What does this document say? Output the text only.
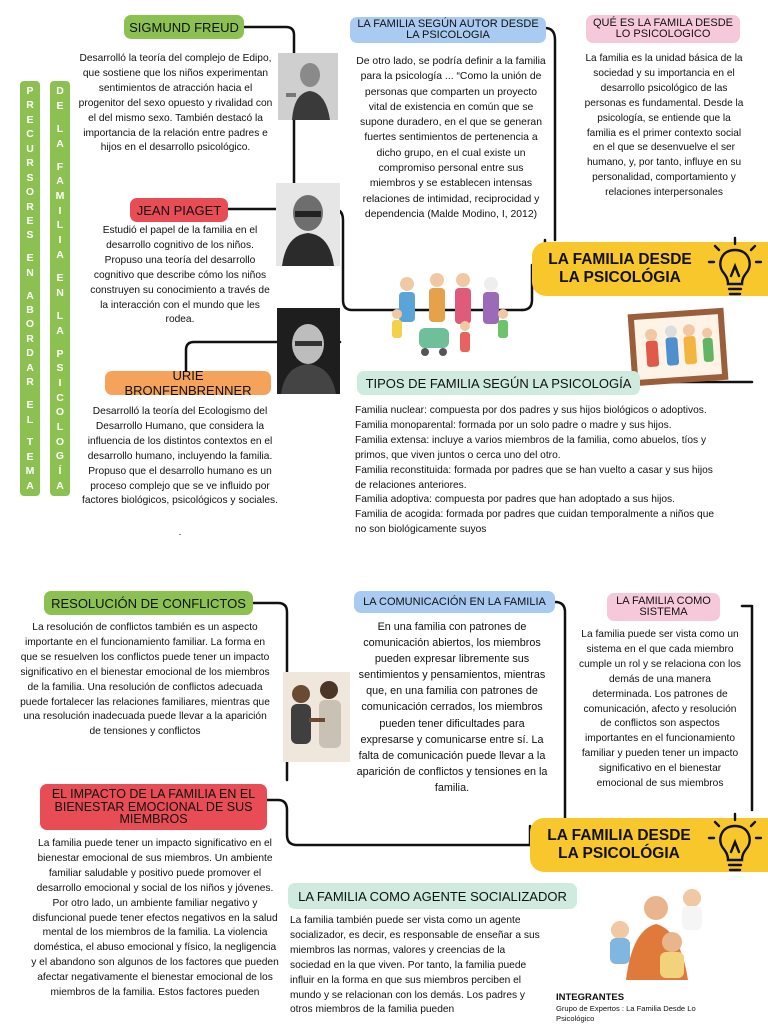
P
R
E
C
U
R
S
O
R
E
S
E
N
A
B
O
R
D
A
R
E
L
T
E
M
A
D
E
L
A
F
A
M
I
L
I
A
E
N
L
A
P
S
I
C
O
L
O
G
Í
A
SIGMUND FREUD
Desarrolló la teoría del complejo de Edipo, que sostiene que los niños experimentan sentimientos de atracción hacia el progenitor del sexo opuesto y rivalidad con el del mismo sexo. También destacó la importancia de la relación entre padres e hijos en el desarrollo psicológico.
JEAN PIAGET
Estudió el papel de la familia en el desarrollo cognitivo de los niños. Propuso una teoría del desarrollo cognitivo que describe cómo los niños construyen su conocimiento a través de la interacción con el mundo que les rodea.
URIE BRONFENBRENNER
Desarrolló la teoría del Ecologismo del Desarrollo Humano, que considera la influencia de los distintos contextos en el desarrollo humano, incluyendo la familia. Propuso que el desarrollo humano es un proceso complejo que se ve influido por factores biológicos, psicológicos y sociales.
.
LA FAMILIA SEGÚN AUTOR DESDE LA PSICOLOGIA
De otro lado, se podría definir a la familia para la psicología ... “Como la unión de personas que comparten un proyecto vital de existencia en común que se supone duradero, en el que se generan fuertes sentimientos de pertenencia a dicho grupo, en el cual existe un compromiso personal entre sus miembros y se establecen intensas relaciones de intimidad, reciprocidad y dependencia (Malde Modino, I, 2012)
QUÉ ES LA FAMILA DESDE LO PSICOLOGICO
La familia es la unidad básica de la sociedad y su importancia en el desarrollo psicológico de las personas es fundamental. Desde la psicología, se entiende que la familia es el primer contexto social en el que se desenvuelve el ser humano, y, por tanto, influye en su personalidad, comportamiento y relaciones interpersonales
LA FAMILIA DESDE LA PSICOLÓGIA
TIPOS DE FAMILIA SEGÚN LA PSICOLOGÍA
Familia nuclear: compuesta por dos padres y sus hijos biológicos o adoptivos.
Familia monoparental: formada por un solo padre o madre y sus hijos.
Familia extensa: incluye a varios miembros de la familia, como abuelos, tíos y primos, que viven juntos o cerca uno del otro.
Familia reconstituida: formada por padres que se han vuelto a casar y sus hijos de relaciones anteriores.
Familia adoptiva: compuesta por padres que han adoptado a sus hijos.
Familia de acogida: formada por padres que cuidan temporalmente a niños que no son biológicamente suyos
RESOLUCIÓN DE CONFLICTOS
La resolución de conflictos también es un aspecto importante en el funcionamiento familiar. La forma en que se resuelven los conflictos puede tener un impacto significativo en el bienestar emocional de los miembros de la familia. Una resolución de conflictos adecuada puede fortalecer las relaciones familiares, mientras que una resolución inadecuada puede llevar a la aparición de tensiones y conflictos
LA COMUNICACIÓN EN LA FAMILIA
En una familia con patrones de comunicación abiertos, los miembros pueden expresar libremente sus sentimientos y pensamientos, mientras que, en una familia con patrones de comunicación cerrados, los miembros pueden tener dificultades para expresarse y comunicarse entre sí. La falta de comunicación puede llevar a la aparición de conflictos y tensiones en la familia.
LA FAMILIA COMO SISTEMA
La familia puede ser vista como un sistema en el que cada miembro cumple un rol y se relaciona con los demás de una manera determinada. Los patrones de comunicación, afecto y resolución de conflictos son aspectos importantes en el funcionamiento familiar y pueden tener un impacto significativo en el bienestar emocional de sus miembros
EL IMPACTO DE LA FAMILIA EN EL BIENESTAR EMOCIONAL DE SUS MIEMBROS
La familia puede tener un impacto significativo en el bienestar emocional de sus miembros. Un ambiente familiar saludable y positivo puede promover el desarrollo emocional y social de los niños y jóvenes. Por otro lado, un ambiente familiar negativo y disfuncional puede tener efectos negativos en la salud mental de los miembros de la familia. La violencia doméstica, el abuso emocional y físico, la negligencia y el abandono son algunos de los factores que pueden afectar negativamente el bienestar emocional de los miembros de la familia. Estos factores pueden
LA FAMILIA DESDE LA PSICOLÓGIA
LA FAMILIA COMO AGENTE SOCIALIZADOR
La familia también puede ser vista como un agente socializador, es decir, es responsable de enseñar a sus miembros las normas, valores y creencias de la sociedad en la que viven. Por tanto, la familia puede influir en la forma en que sus miembros perciben el mundo y se relacionan con los demás. Los padres y otros miembros de la familia pueden
INTEGRANTES
Grupo de Expertos : La Familia Desde Lo Psicológico
